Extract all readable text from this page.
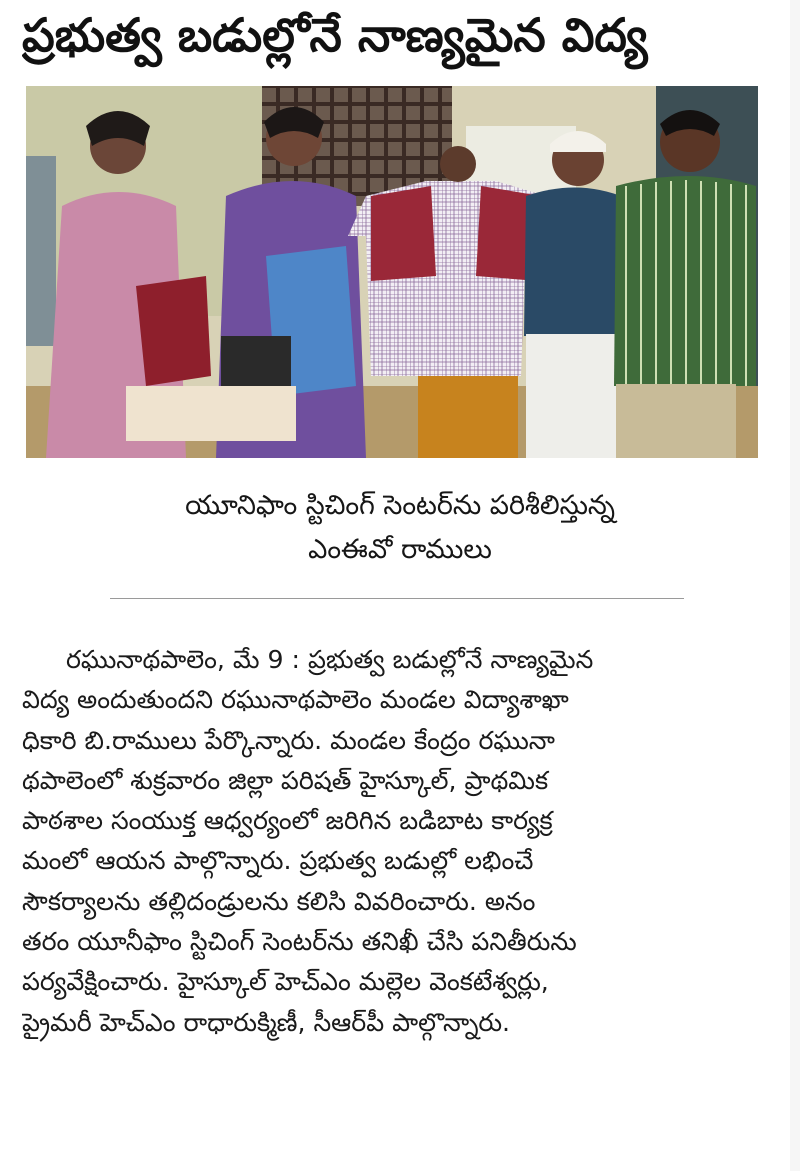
ప్రభుత్వ బడుల్లోనే నాణ్యమైన విద్య
యూనిఫాం స్టిచింగ్ సెంటర్‌ను పరిశీలిస్తున్న
ఎంఈవో రాములు
రఘునాథపాలెం, మే 9 : ప్రభుత్వ బడుల్లోనే నాణ్యమైన
విద్య అందుతుందని రఘునాథపాలెం మండల విద్యాశాఖా
ధికారి బి.రాములు పేర్కొన్నారు. మండల కేంద్రం రఘునా
థపాలెంలో శుక్రవారం జిల్లా పరిషత్ హైస్కూల్, ప్రాథమిక
పాఠశాల సంయుక్త ఆధ్వర్యంలో జరిగిన బడిబాట కార్యక్ర
మంలో ఆయన పాల్గొన్నారు. ప్రభుత్వ బడుల్లో లభించే
సౌకర్యాలను తల్లిదండ్రులను కలిసి వివరించారు. అనం
తరం యూనీఫాం స్టిచింగ్ సెంటర్‌ను తనిఖీ చేసి పనితీరును
పర్యవేక్షించారు. హైస్కూల్ హెచ్‌ఎం మల్లెల వెంకటేశ్వర్లు,
ప్రైమరీ హెచ్‌ఎం రాధారుక్మిణీ, సీఆర్‌పీ పాల్గొన్నారు.
